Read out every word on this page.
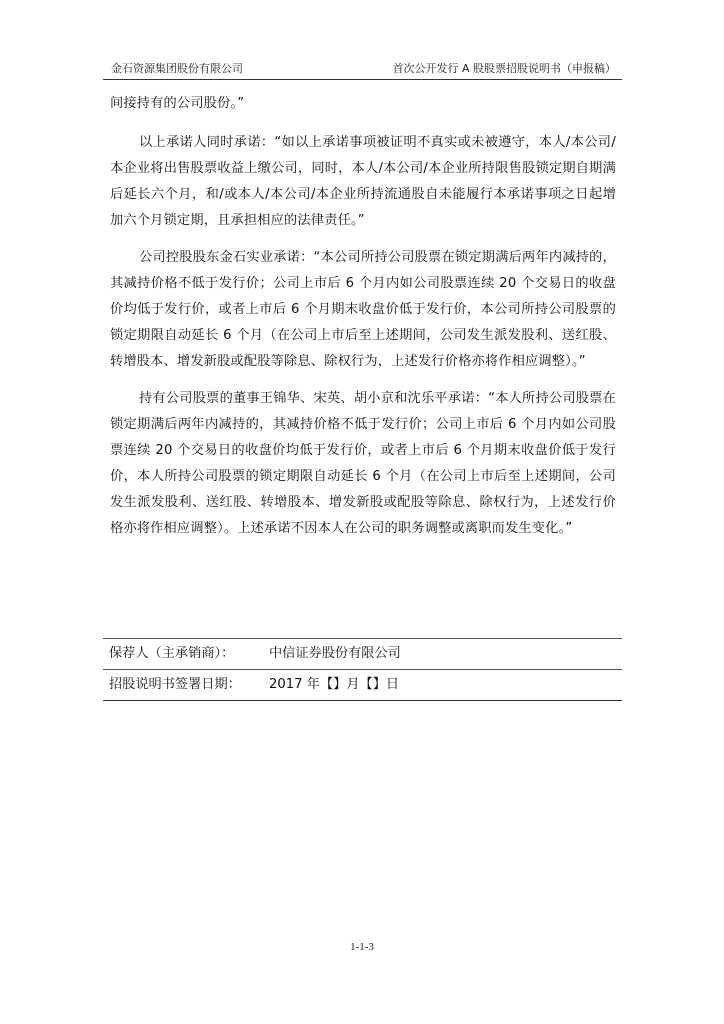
金石资源集团股份有限公司	首次公开发行 A 股股票招股说明书（申报稿）

间接持有的公司股份。”

以上承诺人同时承诺：“如以上承诺事项被证明不真实或未被遵守，本人/本公司/本企业将出售股票收益上缴公司，同时，本人/本公司/本企业所持限售股锁定期自期满后延长六个月，和/或本人/本公司/本企业所持流通股自未能履行本承诺事项之日起增加六个月锁定期，且承担相应的法律责任。”

公司控股股东金石实业承诺：“本公司所持公司股票在锁定期满后两年内减持的，其减持价格不低于发行价；公司上市后 6 个月内如公司股票连续 20 个交易日的收盘价均低于发行价，或者上市后 6 个月期末收盘价低于发行价，本公司所持公司股票的锁定期限自动延长 6 个月（在公司上市后至上述期间，公司发生派发股利、送红股、转增股本、增发新股或配股等除息、除权行为，上述发行价格亦将作相应调整）。”

持有公司股票的董事王锦华、宋英、胡小京和沈乐平承诺：“本人所持公司股票在锁定期满后两年内减持的，其减持价格不低于发行价；公司上市后 6 个月内如公司股票连续 20 个交易日的收盘价均低于发行价，或者上市后 6 个月期末收盘价低于发行价，本人所持公司股票的锁定期限自动延长 6 个月（在公司上市后至上述期间，公司发生派发股利、送红股、转增股本、增发新股或配股等除息、除权行为，上述发行价格亦将作相应调整）。上述承诺不因本人在公司的职务调整或离职而发生变化。”

保荐人（主承销商）：	中信证券股份有限公司
招股说明书签署日期： 2017 年【】月【】日
1-1-3
